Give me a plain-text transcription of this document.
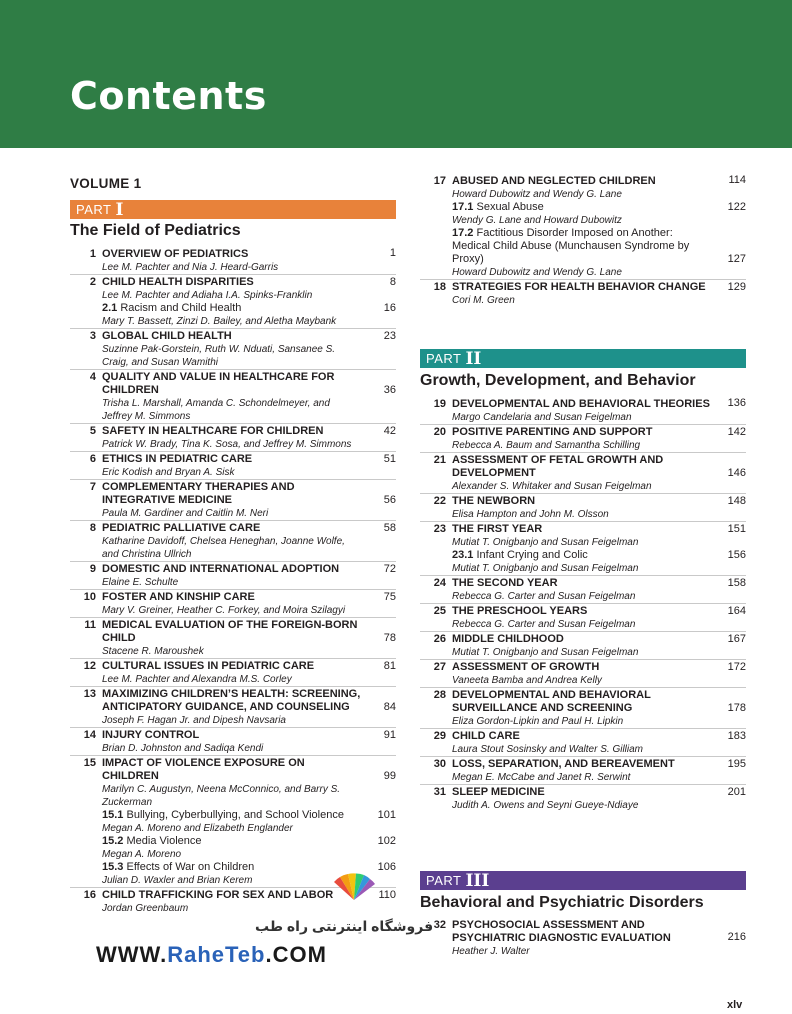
Contents
VOLUME 1
PART I
The Field of Pediatrics
1 OVERVIEW OF PEDIATRICS
Lee M. Pachter and Nia J. Heard-Garris
1
2 CHILD HEALTH DISPARITIES
Lee M. Pachter and Adiaha I.A. Spinks-Franklin
8
2.1 Racism and Child Health
Mary T. Bassett, Zinzi D. Bailey, and Aletha Maybank
16
3 GLOBAL CHILD HEALTH
Suzinne Pak-Gorstein, Ruth W. Nduati, Sansanee S. Craig, and Susan Wamithi
23
4 QUALITY AND VALUE IN HEALTHCARE FOR CHILDREN
Trisha L. Marshall, Amanda C. Schondelmeyer, and Jeffrey M. Simmons
36
5 SAFETY IN HEALTHCARE FOR CHILDREN
Patrick W. Brady, Tina K. Sosa, and Jeffrey M. Simmons
42
6 ETHICS IN PEDIATRIC CARE
Eric Kodish and Bryan A. Sisk
51
7 COMPLEMENTARY THERAPIES AND INTEGRATIVE MEDICINE
Paula M. Gardiner and Caitlin M. Neri
56
8 PEDIATRIC PALLIATIVE CARE
Katharine Davidoff, Chelsea Heneghan, Joanne Wolfe, and Christina Ullrich
58
9 DOMESTIC AND INTERNATIONAL ADOPTION
Elaine E. Schulte
72
10 FOSTER AND KINSHIP CARE
Mary V. Greiner, Heather C. Forkey, and Moira Szilagyi
75
11 MEDICAL EVALUATION OF THE FOREIGN-BORN CHILD
Stacene R. Maroushek
78
12 CULTURAL ISSUES IN PEDIATRIC CARE
Lee M. Pachter and Alexandra M.S. Corley
81
13 MAXIMIZING CHILDREN’S HEALTH: SCREENING, ANTICIPATORY GUIDANCE, AND COUNSELING
Joseph F. Hagan Jr. and Dipesh Navsaria
84
14 INJURY CONTROL
Brian D. Johnston and Sadiqa Kendi
91
15 IMPACT OF VIOLENCE EXPOSURE ON CHILDREN
Marilyn C. Augustyn, Neena McConnico, and Barry S. Zuckerman
99
15.1 Bullying, Cyberbullying, and School Violence
Megan A. Moreno and Elizabeth Englander
101
15.2 Media Violence
Megan A. Moreno
102
15.3 Effects of War on Children
Julian D. Waxler and Brian Kerem
106
16 CHILD TRAFFICKING FOR SEX AND LABOR
Jordan Greenbaum
110
17 ABUSED AND NEGLECTED CHILDREN
Howard Dubowitz and Wendy G. Lane
114
17.1 Sexual Abuse
Wendy G. Lane and Howard Dubowitz
122
17.2 Factitious Disorder Imposed on Another: Medical Child Abuse (Munchausen Syndrome by Proxy)
Howard Dubowitz and Wendy G. Lane
127
18 STRATEGIES FOR HEALTH BEHAVIOR CHANGE
Cori M. Green
129
PART II
Growth, Development, and Behavior
19 DEVELOPMENTAL AND BEHAVIORAL THEORIES
Margo Candelaria and Susan Feigelman
136
20 POSITIVE PARENTING AND SUPPORT
Rebecca A. Baum and Samantha Schilling
142
21 ASSESSMENT OF FETAL GROWTH AND DEVELOPMENT
Alexander S. Whitaker and Susan Feigelman
146
22 THE NEWBORN
Elisa Hampton and John M. Olsson
148
23 THE FIRST YEAR
Mutiat T. Onigbanjo and Susan Feigelman
151
23.1 Infant Crying and Colic
Mutiat T. Onigbanjo and Susan Feigelman
156
24 THE SECOND YEAR
Rebecca G. Carter and Susan Feigelman
158
25 THE PRESCHOOL YEARS
Rebecca G. Carter and Susan Feigelman
164
26 MIDDLE CHILDHOOD
Mutiat T. Onigbanjo and Susan Feigelman
167
27 ASSESSMENT OF GROWTH
Vaneeta Bamba and Andrea Kelly
172
28 DEVELOPMENTAL AND BEHAVIORAL SURVEILLANCE AND SCREENING
Eliza Gordon-Lipkin and Paul H. Lipkin
178
29 CHILD CARE
Laura Stout Sosinsky and Walter S. Gilliam
183
30 LOSS, SEPARATION, AND BEREAVEMENT
Megan E. McCabe and Janet R. Serwint
195
31 SLEEP MEDICINE
Judith A. Owens and Seyni Gueye-Ndiaye
201
PART III
Behavioral and Psychiatric Disorders
32 PSYCHOSOCIAL ASSESSMENT AND PSYCHIATRIC DIAGNOSTIC EVALUATION
Heather J. Walter
216
فروشگاه اینترنتی راه طب
WWW.RaheTeb.COM
xlv
